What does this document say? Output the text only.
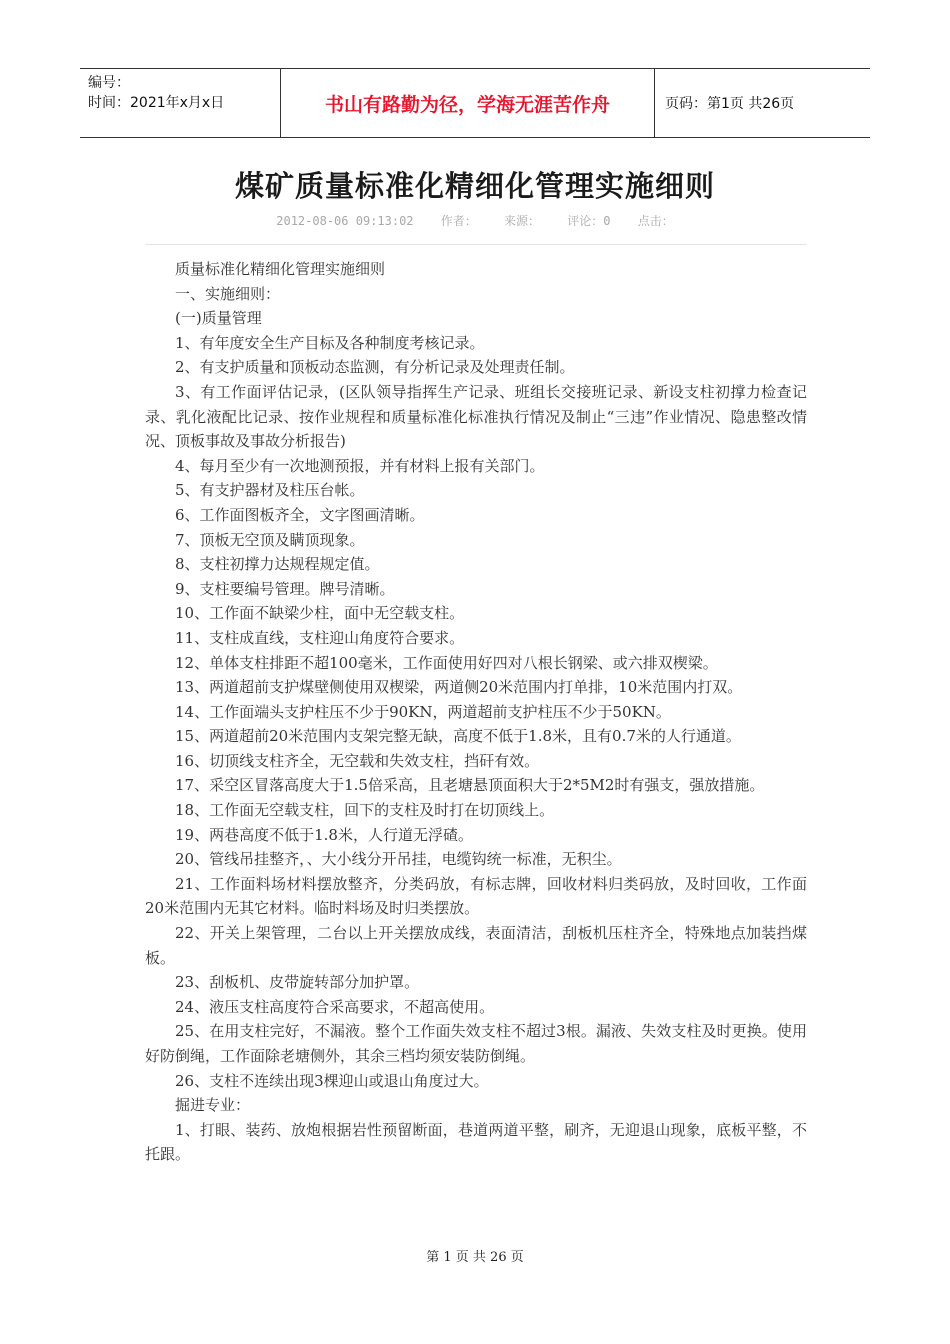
编号：
时间：2021年x月x日	书山有路勤为径，学海无涯苦作舟	页码：第1页 共26页
煤矿质量标准化精细化管理实施细则
2012-08-06 09:13:02 作者： 来源： 评论：0 点击：

质量标准化精细化管理实施细则

一、实施细则：

(一)质量管理

1、有年度安全生产目标及各种制度考核记录。

2、有支护质量和顶板动态监测，有分析记录及处理责任制。

3、有工作面评估记录，(区队领导指挥生产记录、班组长交接班记录、新设支柱初撑力检查记录、乳化液配比记录、按作业规程和质量标准化标准执行情况及制止“三违”作业情况、隐患整改情况、顶板事故及事故分析报告)

4、每月至少有一次地测预报，并有材料上报有关部门。

5、有支护器材及柱压台帐。

6、工作面图板齐全，文字图画清晰。

7、顶板无空顶及瞒顶现象。

8、支柱初撑力达规程规定值。

9、支柱要编号管理。牌号清晰。

10、工作面不缺梁少柱，面中无空载支柱。

11、支柱成直线，支柱迎山角度符合要求。

12、单体支柱排距不超100毫米，工作面使用好四对八根长钢梁、或六排双楔梁。

13、两道超前支护煤壁侧使用双楔梁，两道侧20米范围内打单排，10米范围内打双。

14、工作面端头支护柱压不少于90KN，两道超前支护柱压不少于50KN。

15、两道超前20米范围内支架完整无缺，高度不低于1.8米，且有0.7米的人行通道。

16、切顶线支柱齐全，无空载和失效支柱，挡矸有效。

17、采空区冒落高度大于1.5倍采高，且老塘悬顶面积大于2*5M2时有强支，强放措施。

18、工作面无空载支柱，回下的支柱及时打在切顶线上。

19、两巷高度不低于1.8米，人行道无浮碴。

20、管线吊挂整齐，、大小线分开吊挂，电缆钩统一标准，无积尘。

21、工作面料场材料摆放整齐，分类码放，有标志牌，回收材料归类码放，及时回收，工作面20米范围内无其它材料。临时料场及时归类摆放。

22、开关上架管理，二台以上开关摆放成线，表面清洁，刮板机压柱齐全，特殊地点加装挡煤板。

23、刮板机、皮带旋转部分加护罩。

24、液压支柱高度符合采高要求，不超高使用。

25、在用支柱完好，不漏液。整个工作面失效支柱不超过3根。漏液、失效支柱及时更换。使用好防倒绳，工作面除老塘侧外，其余三档均须安装防倒绳。

26、支柱不连续出现3棵迎山或退山角度过大。

掘进专业：

1、打眼、装药、放炮根据岩性预留断面，巷道两道平整，刷齐，无迎退山现象，底板平整，不托跟。

第 1 页 共 26 页
